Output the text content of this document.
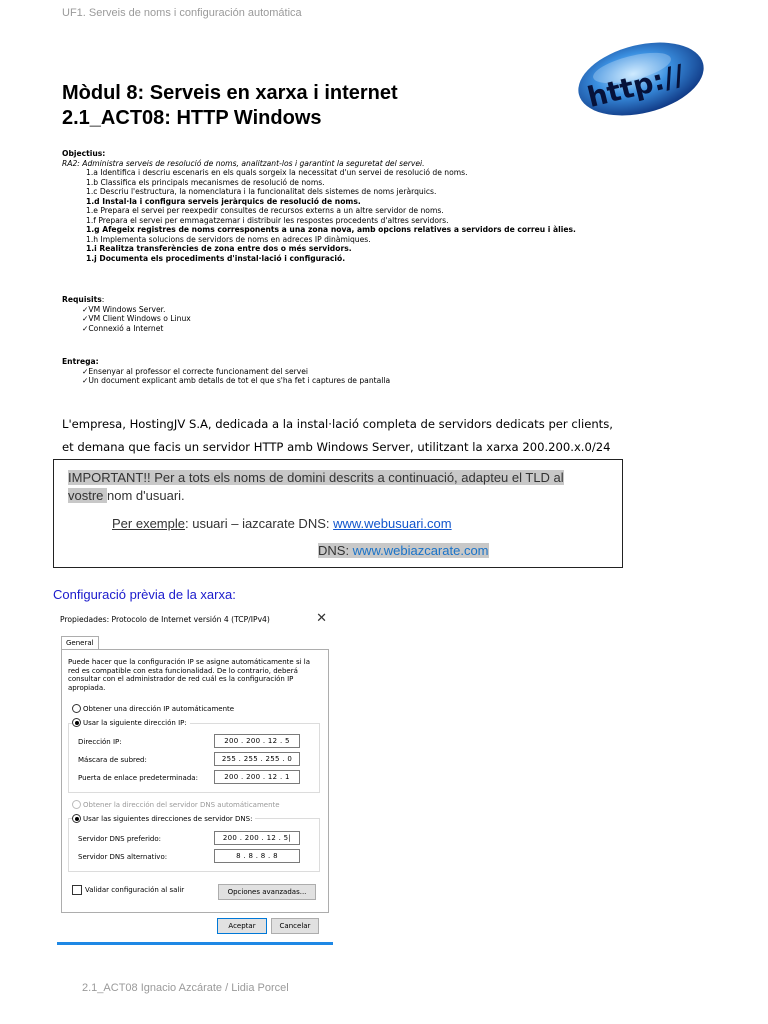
UF1. Serveis de noms i configuración automática
http://
Mòdul 8: Serveis en xarxa i internet
2.1_ACT08: HTTP Windows
Objectius:
RA2: Administra serveis de resolució de noms, analitzant-los i garantint la seguretat del servei.
1.a Identifica i descriu escenaris en els quals sorgeix la necessitat d'un servei de resolució de noms.
1.b Classifica els principals mecanismes de resolució de noms.
1.c Descriu l'estructura, la nomenclatura i la funcionalitat dels sistemes de noms jeràrquics.
1.d Instal·la i configura serveis jeràrquics de resolució de noms.
1.e Prepara el servei per reexpedir consultes de recursos externs a un altre servidor de noms.
1.f Prepara el servei per emmagatzemar i distribuir les respostes procedents d'altres servidors.
1.g Afegeix registres de noms corresponents a una zona nova, amb opcions relatives a servidors de correu i àlies.
1.h Implementa solucions de servidors de noms en adreces IP dinàmiques.
1.i Realitza transferències de zona entre dos o més servidors.
1.j Documenta els procediments d'instal·lació i configuració.
Requisits:
✓ VM Windows Server.
✓ VM Client Windows o Linux
✓ Connexió a Internet
Entrega:
✓ Ensenyar al professor el correcte funcionament del servei
✓ Un document explicant amb detalls de tot el que s'ha fet i captures de pantalla
L'empresa, HostingJV S.A, dedicada a la instal·lació completa de servidors dedicats per clients,
et demana que facis un servidor HTTP amb Windows Server, utilitzant la xarxa 200.200.x.0/24
IMPORTANT!! Per a tots els noms de domini descrits a continuació, adapteu el TLD al
vostre nom d'usuari.
Per exemple: usuari – iazcarate DNS: www.webusuari.com
DNS: www.webiazcarate.com
Configuració prèvia de la xarxa:
Propiedades: Protocolo de Internet versión 4 (TCP/IPv4)	✕
General
Puede hacer que la configuración IP se asigne automáticamente si la red es compatible con esta funcionalidad. De lo contrario, deberá consultar con el administrador de red cuál es la configuración IP apropiada.
Obtener una dirección IP automáticamente
Usar la siguiente dirección IP:
Dirección IP:	200 . 200 . 12 . 5
Máscara de subred:	255 . 255 . 255 . 0
Puerta de enlace predeterminada:	200 . 200 . 12 . 1
Obtener la dirección del servidor DNS automáticamente
Usar las siguientes direcciones de servidor DNS:
Servidor DNS preferido:	200 . 200 . 12 . 5|
Servidor DNS alternativo:	8 . 8 . 8 . 8
Validar configuración al salir	Opciones avanzadas...
Aceptar	Cancelar
2.1_ACT08 Ignacio Azcárate / Lidia Porcel
